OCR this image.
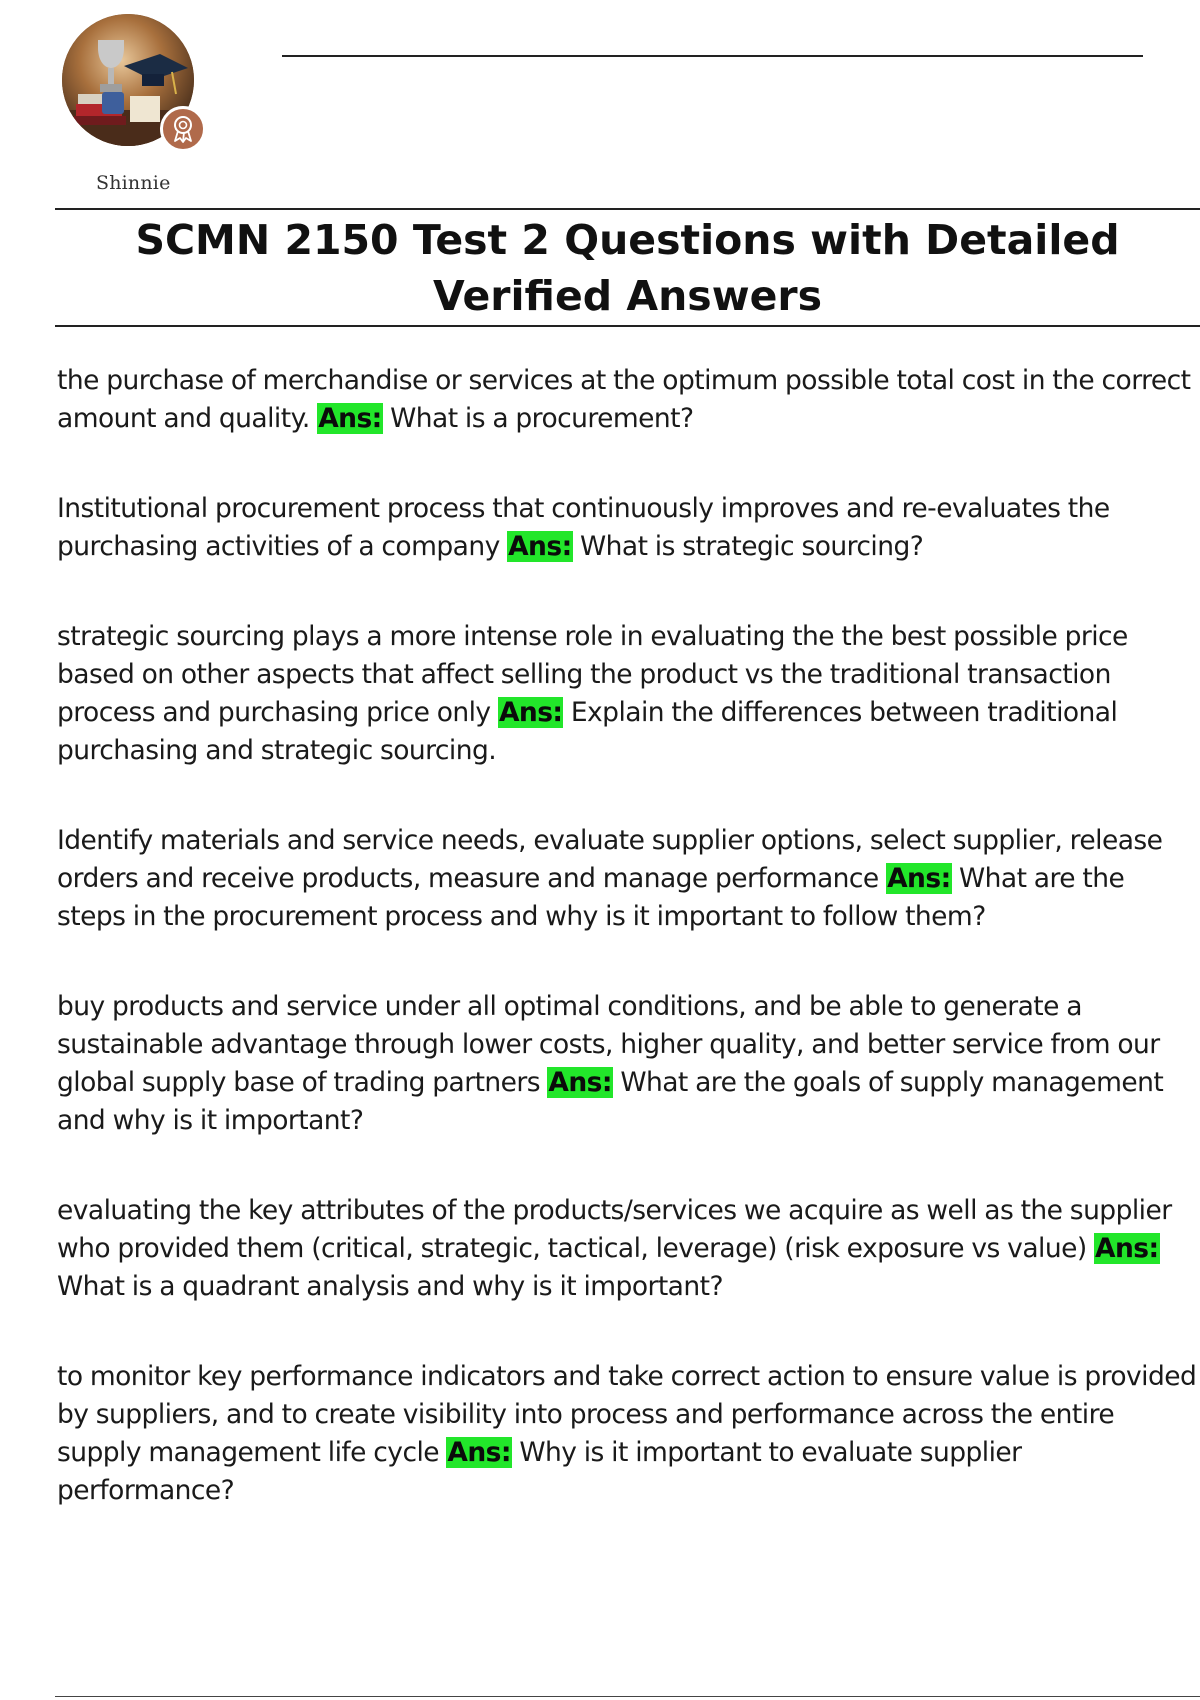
Shinnie
SCMN 2150 Test 2 Questions with Detailed Verified Answers

the purchase of merchandise or services at the optimum possible total cost in the correct amount and quality. Ans: What is a procurement?

Institutional procurement process that continuously improves and re-evaluates the purchasing activities of a company Ans: What is strategic sourcing?

strategic sourcing plays a more intense role in evaluating the the best possible price based on other aspects that affect selling the product vs the traditional transaction process and purchasing price only Ans: Explain the differences between traditional purchasing and strategic sourcing.

Identify materials and service needs, evaluate supplier options, select supplier, release orders and receive products, measure and manage performance Ans: What are the steps in the procurement process and why is it important to follow them?

buy products and service under all optimal conditions, and be able to generate a sustainable advantage through lower costs, higher quality, and better service from our global supply base of trading partners Ans: What are the goals of supply management and why is it important?

evaluating the key attributes of the products/services we acquire as well as the supplier who provided them (critical, strategic, tactical, leverage) (risk exposure vs value) Ans: What is a quadrant analysis and why is it important?

to monitor key performance indicators and take correct action to ensure value is provided by suppliers, and to create visibility into process and performance across the entire supply management life cycle Ans: Why is it important to evaluate supplier performance?
